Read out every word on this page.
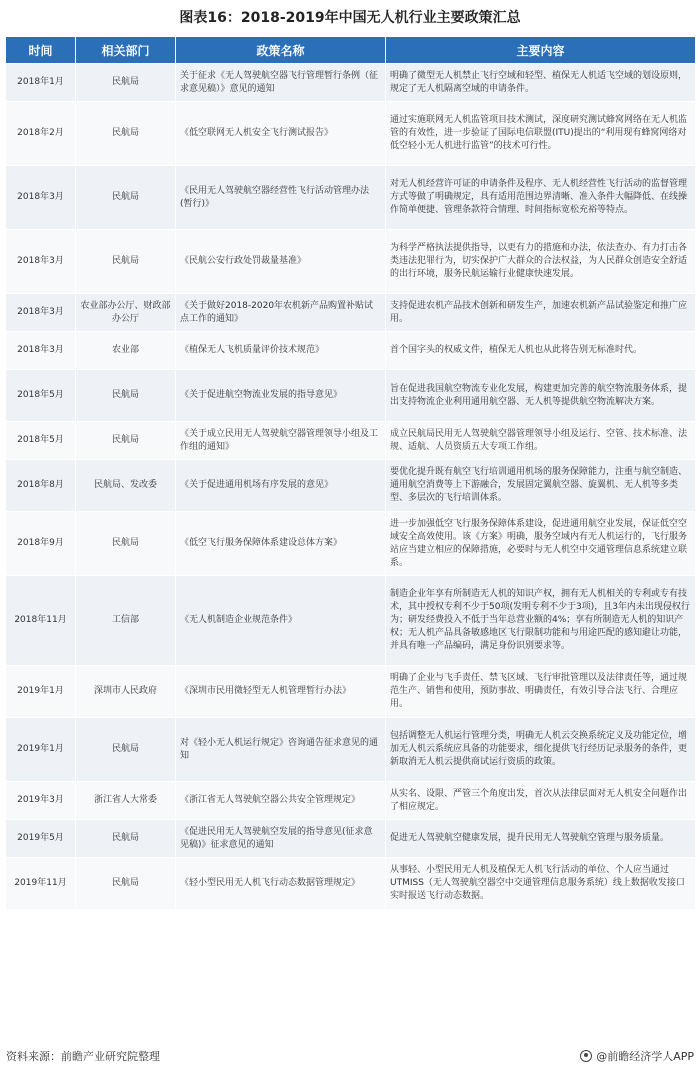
图表16：2018-2019年中国无人机行业主要政策汇总
时间	相关部门	政策名称	主要内容
2018年1月	民航局	关于征求《无人驾驶航空器飞行管理暂行条例（征求意见稿）》意见的通知	明确了微型无人机禁止飞行空域和轻型、植保无人机适飞空域的划设原则，规定了无人机隔离空域的申请条件。
2018年2月	民航局	《低空联网无人机安全飞行测试报告》	通过实施联网无人机监管项目技术测试，深度研究测试蜂窝网络在无人机监管的有效性，进一步验证了国际电信联盟(ITU)提出的“利用现有蜂窝网络对低空轻小无人机进行监管”的技术可行性。
2018年3月	民航局	《民用无人驾驶航空器经营性飞行活动管理办法(暂行)》	对无人机经营许可证的申请条件及程序、无人机经营性飞行活动的监督管理方式等做了明确规定，具有适用范围边界清晰、准入条件大幅降低、在线操作简单便捷、管理条款符合情理、时间指标宽松充裕等特点。
2018年3月	民航局	《民航公安行政处罚裁量基准》	为科学严格执法提供指导，以更有力的措施和办法，依法查办、有力打击各类违法犯罪行为，切实保护广大群众的合法权益，为人民群众创造安全舒适的出行环境，服务民航运输行业健康快速发展。
2018年3月	农业部办公厅、财政部办公厅	《关于做好2018-2020年农机新产品购置补贴试点工作的通知》	支持促进农机产品技术创新和研发生产，加速农机新产品试验鉴定和推广应用。
2018年3月	农业部	《植保无人飞机质量评价技术规范》	首个国字头的权威文件，植保无人机也从此将告别无标准时代。
2018年5月	民航局	《关于促进航空物流业发展的指导意见》	旨在促进我国航空物流专业化发展，构建更加完善的航空物流服务体系，提出支持物流企业利用通用航空器、无人机等提供航空物流解决方案。
2018年5月	民航局	《关于成立民用无人驾驶航空器管理领导小组及工作组的通知》	成立民航局民用无人驾驶航空器管理领导小组及运行、空管、技术标准、法规、适航、人员资质五大专项工作组。
2018年8月	民航局、发改委	《关于促进通用机场有序发展的意见》	要优化提升既有航空飞行培训通用机场的服务保障能力，注重与航空制造、通用航空消费等上下游融合，发展固定翼航空器、旋翼机、无人机等多类型、多层次的飞行培训体系。
2018年9月	民航局	《低空飞行服务保障体系建设总体方案》	进一步加强低空飞行服务保障体系建设，促进通用航空业发展，保证低空空域安全高效使用。该《方案》明确，服务空域内有无人机运行的，飞行服务站应当建立相应的保障措施，必要时与无人机空中交通管理信息系统建立联系。
2018年11月	工信部	《无人机制造企业规范条件》	制造企业年享有所制造无人机的知识产权，拥有无人机相关的专利或专有技术，其中授权专利不少于50项(发明专利不少于3项)，且3年内未出现侵权行为；研发经费投入不低于当年总营业额的4%；享有所制造无人机的知识产权；无人机产品具备敏感地区飞行限制功能和与用途匹配的感知避让功能，并具有唯一产品编码，满足身份识别要求等。
2019年1月	深圳市人民政府	《深圳市民用微轻型无人机管理暂行办法》	明确了企业与飞手责任、禁飞区域、飞行审批管理以及法律责任等，通过规范生产、销售和使用，预防事故、明确责任，有效引导合法飞行、合理应用。
2019年1月	民航局	对《轻小无人机运行规定》咨询通告征求意见的通知	包括调整无人机运行管理分类，明确无人机云交换系统定义及功能定位，增加无人机云系统应具备的功能要求，细化提供飞行经历记录服务的条件，更新取消无人机云提供商试运行资质的政策。
2019年3月	浙江省人大常委	《浙江省无人驾驶航空器公共安全管理规定》	从实名、设限、严管三个角度出发，首次从法律层面对无人机安全问题作出了相应规定。
2019年5月	民航局	《促进民用无人驾驶航空发展的指导意见(征求意见稿)》征求意见的通知	促进无人驾驶航空健康发展，提升民用无人驾驶航空管理与服务质量。
2019年11月	民航局	《轻小型民用无人机飞行动态数据管理规定》	从事轻、小型民用无人机及植保无人机飞行活动的单位、个人应当通过UTMISS（无人驾驶航空器空中交通管理信息服务系统）线上数据收发接口实时报送飞行动态数据。
资料来源：前瞻产业研究院整理	@前瞻经济学人APP
